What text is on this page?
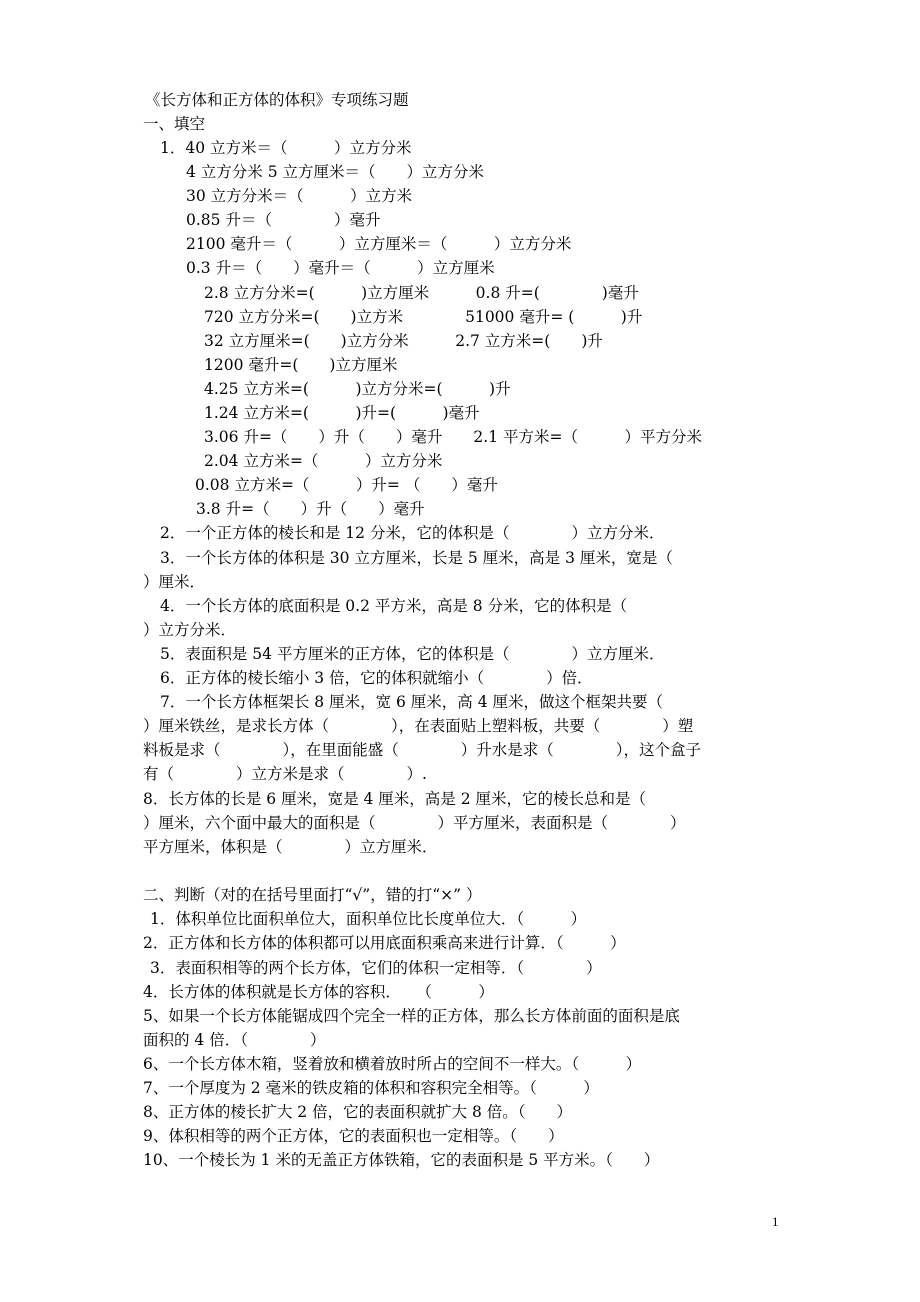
《长方体和正方体的体积》专项练习题
一、填空
1．40 立方米＝（　　　）立方分米
4 立方分米 5 立方厘米＝（　　）立方分米
30 立方分米＝（　　　）立方米
0.85 升＝（　　　　）毫升
2100 毫升＝（　　　）立方厘米＝（　　　）立方分米
0.3 升＝（　　）毫升＝（　　　）立方厘米
2.8 立方分米=(　　　)立方厘米　　　0.8 升=(　　　　)毫升
720 立方分米=(　　)立方米　　　　51000 毫升= (　　　)升
32 立方厘米=(　　)立方分米　　　2.7 立方米=(　　)升
1200 毫升=(　　)立方厘米
4.25 立方米=(　　　)立方分米=(　　　)升
1.24 立方米=(　　　)升=(　　　)毫升
3.06 升=（　　）升（　　）毫升　　2.1 平方米=（　　　）平方分米
2.04 立方米=（　　　）立方分米
0.08 立方米=（　　　）升= （　　）毫升
3.8 升=（　　）升（　　）毫升
2．一个正方体的棱长和是 12 分米，它的体积是（　　　　）立方分米．
3．一个长方体的体积是 30 立方厘米，长是 5 厘米，高是 3 厘米，宽是（
）厘米．
4．一个长方体的底面积是 0.2 平方米，高是 8 分米，它的体积是（
）立方分米．
5．表面积是 54 平方厘米的正方体，它的体积是（　　　　）立方厘米．
6．正方体的棱长缩小 3 倍，它的体积就缩小（　　　　）倍．
7．一个长方体框架长 8 厘米，宽 6 厘米，高 4 厘米，做这个框架共要（
）厘米铁丝，是求长方体（　　　　），在表面贴上塑料板，共要（　　　　）塑
料板是求（　　　　），在里面能盛（　　　　）升水是求（　　　　），这个盒子
有（　　　　）立方米是求（　　　　）.
8．长方体的长是 6 厘米，宽是 4 厘米，高是 2 厘米，它的棱长总和是（
）厘米，六个面中最大的面积是（　　　　）平方厘米，表面积是（　　　　）
平方厘米，体积是（　　　　）立方厘米．
二、判断（对的在括号里面打“√”，错的打“×” ）
1．体积单位比面积单位大，面积单位比长度单位大．（　　　）
2．正方体和长方体的体积都可以用底面积乘高来进行计算．（　　　）
3．表面积相等的两个长方体，它们的体积一定相等．（　　　　）
4．长方体的体积就是长方体的容积．　　（　　　）
5、如果一个长方体能锯成四个完全一样的正方体，那么长方体前面的面积是底
面积的 4 倍．（　　　　）
6、一个长方体木箱，竖着放和横着放时所占的空间不一样大。（　　　）
7、一个厚度为 2 毫米的铁皮箱的体积和容积完全相等。（　　　）
8、正方体的棱长扩大 2 倍，它的表面积就扩大 8 倍。（　　）
9、体积相等的两个正方体，它的表面积也一定相等。（　　）
10、一个棱长为 1 米的无盖正方体铁箱，它的表面积是 5 平方米。（　　）
1
